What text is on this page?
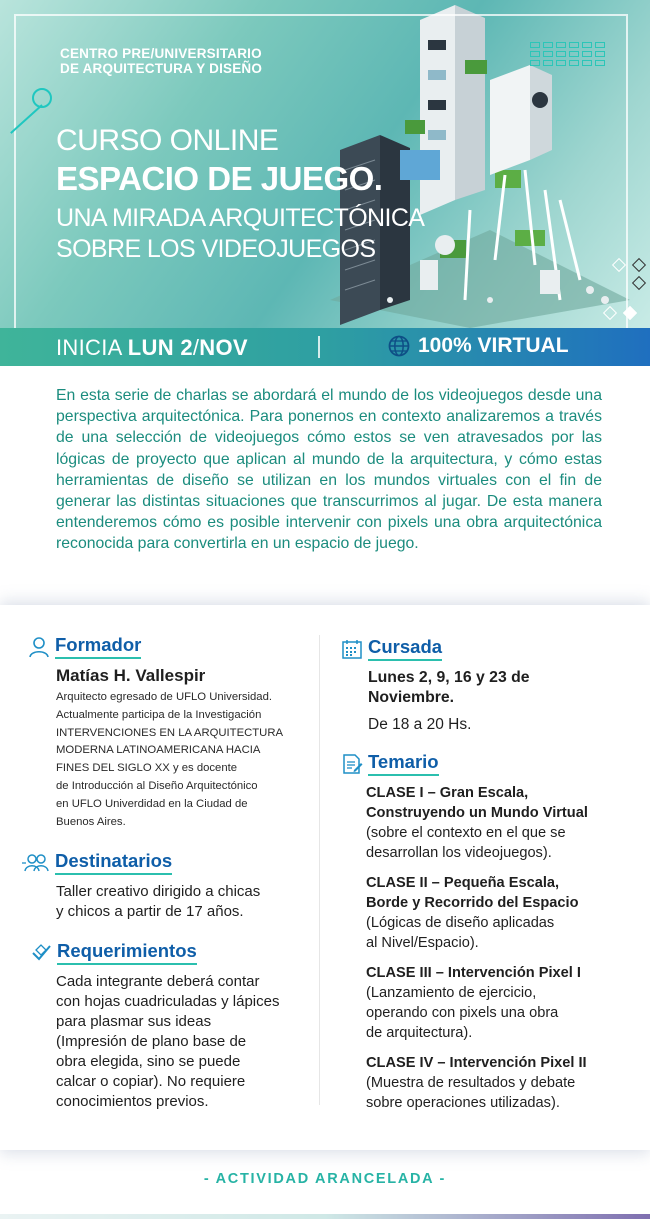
CENTRO PRE/UNIVERSITARIO
DE ARQUITECTURA Y DISEÑO
CURSO ONLINE
ESPACIO DE JUEGO.
UNA MIRADA ARQUITECTÓNICA
SOBRE LOS VIDEOJUEGOS
INICIA LUN 2/NOV	100% VIRTUAL

En esta serie de charlas se abordará el mundo de los videojuegos desde una perspectiva arquitectónica. Para ponernos en contexto analizaremos a través de una selección de videojuegos cómo estos se ven atravesados por las lógicas de proyecto que aplican al mundo de la arquitectura, y cómo estas herramientas de diseño se utilizan en los mundos virtuales con el fin de generar las distintas situaciones que transcurrimos al jugar. De esta manera entenderemos cómo es posible intervenir con pixels una obra arquitectónica reconocida para convertirla en un espacio de juego.

Formador
Matías H. Vallespir
Arquitecto egresado de UFLO Universidad.
Actualmente participa de la Investigación
INTERVENCIONES EN LA ARQUITECTURA
MODERNA LATINOAMERICANA HACIA
FINES DEL SIGLO XX y es docente
de Introducción al Diseño Arquitectónico
en UFLO Univerdidad en la Ciudad de
Buenos Aires.
Destinatarios
Taller creativo dirigido a chicas
y chicos a partir de 17 años.
Requerimientos
Cada integrante deberá contar
con hojas cuadriculadas y lápices
para plasmar sus ideas
(Impresión de plano base de
obra elegida, sino se puede
calcar o copiar). No requiere
conocimientos previos.
Cursada
Lunes 2, 9, 16 y 23 de
Noviembre.
De 18 a 20 Hs.
Temario
CLASE I – Gran Escala,
Construyendo un Mundo Virtual
(sobre el contexto en el que se
desarrollan los videojuegos).
CLASE II – Pequeña Escala,
Borde y Recorrido del Espacio
(Lógicas de diseño aplicadas
al Nivel/Espacio).
CLASE III – Intervención Pixel I
(Lanzamiento de ejercicio,
operando con pixels una obra
de arquitectura).
CLASE IV – Intervención Pixel II
(Muestra de resultados y debate
sobre operaciones utilizadas).
- ACTIVIDAD ARANCELADA -
